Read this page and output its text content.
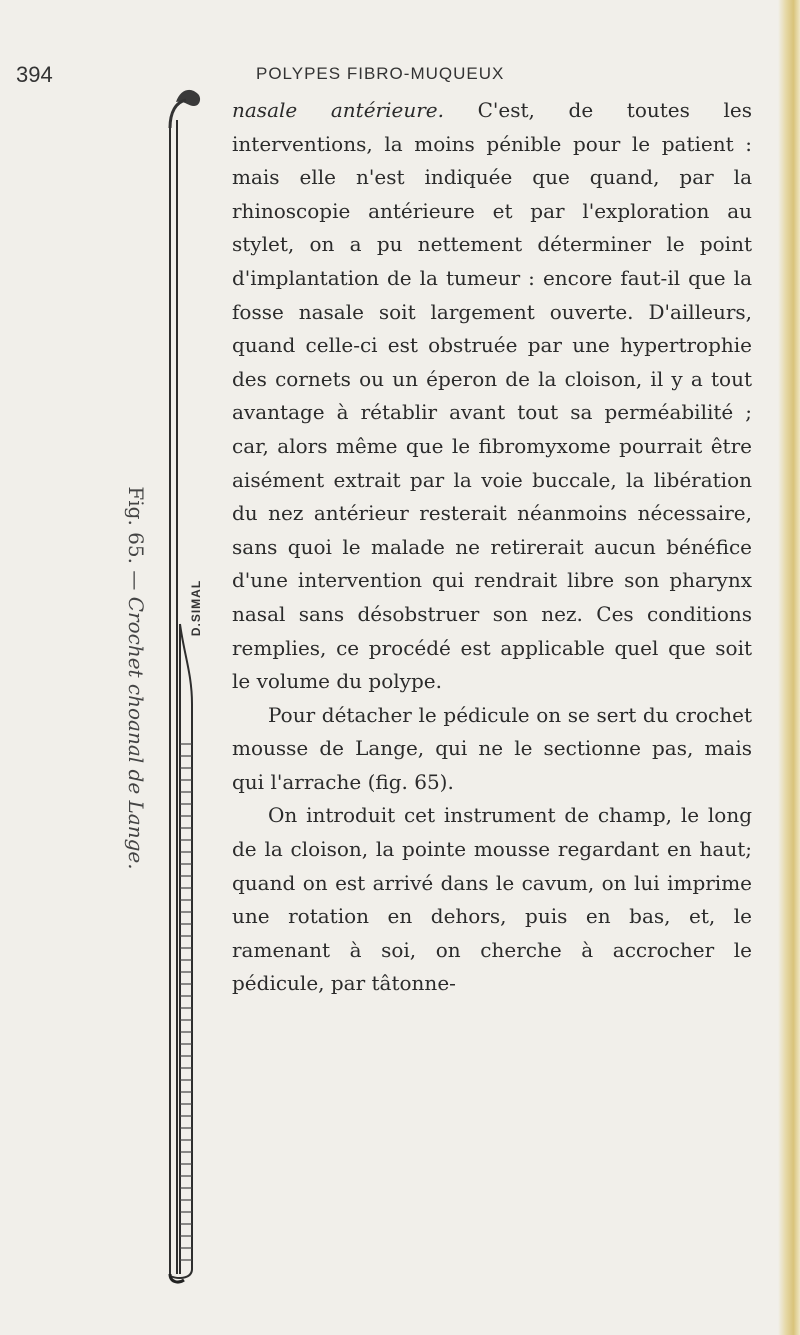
394	POLYPES FIBRO-MUQUEUX
Fig. 65. — Crochet choanal de Lange.	D.SIMAL

nasale antérieure. C'est, de toutes les interventions, la moins pénible pour le patient : mais elle n'est indiquée que quand, par la rhinoscopie antérieure et par l'exploration au stylet, on a pu nettement déterminer le point d'implantation de la tumeur : encore faut-il que la fosse nasale soit largement ouverte. D'ailleurs, quand celle-ci est obstruée par une hypertrophie des cornets ou un éperon de la cloison, il y a tout avantage à rétablir avant tout sa perméabilité ; car, alors même que le fibromyxome pourrait être aisément extrait par la voie buccale, la libération du nez antérieur resterait néanmoins nécessaire, sans quoi le malade ne retirerait aucun bénéfice d'une intervention qui rendrait libre son pharynx nasal sans désobstruer son nez. Ces conditions remplies, ce procédé est applicable quel que soit le volume du polype.

Pour détacher le pédicule on se sert du crochet mousse de Lange, qui ne le sectionne pas, mais qui l'arrache (fig. 65).

On introduit cet instrument de champ, le long de la cloison, la pointe mousse regardant en haut; quand on est arrivé dans le cavum, on lui imprime une rotation en dehors, puis en bas, et, le ramenant à soi, on cherche à accrocher le pédicule, par tâtonne-
